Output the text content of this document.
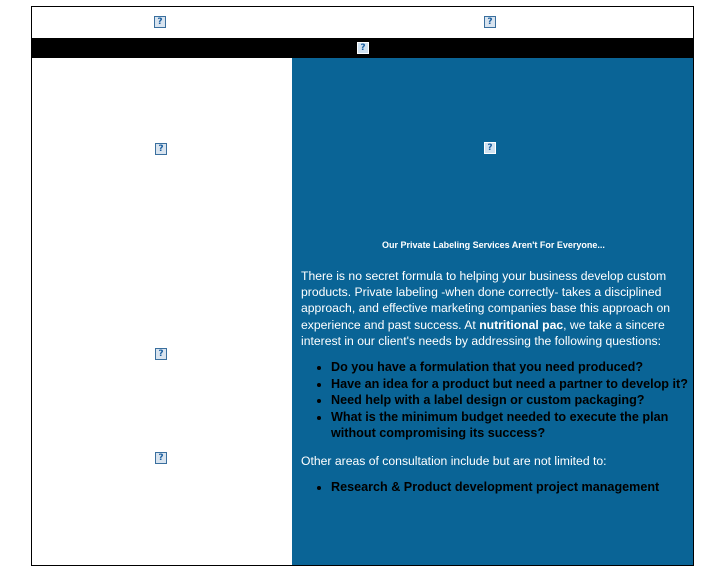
?	?
?
?
?
?
?
Our Private Labeling Services Aren't For Everyone...

There is no secret formula to helping your business develop custom products. Private labeling -when done correctly- takes a disciplined approach, and effective marketing companies base this approach on experience and past success. At nutritional pac, we take a sincere interest in our client's needs by addressing the following questions:

• Do you have a formulation that you need produced?
• Have an idea for a product but need a partner to develop it?
• Need help with a label design or custom packaging?
• What is the minimum budget needed to execute the plan without compromising its success?

Other areas of consultation include but are not limited to:

• Research & Product development project management
